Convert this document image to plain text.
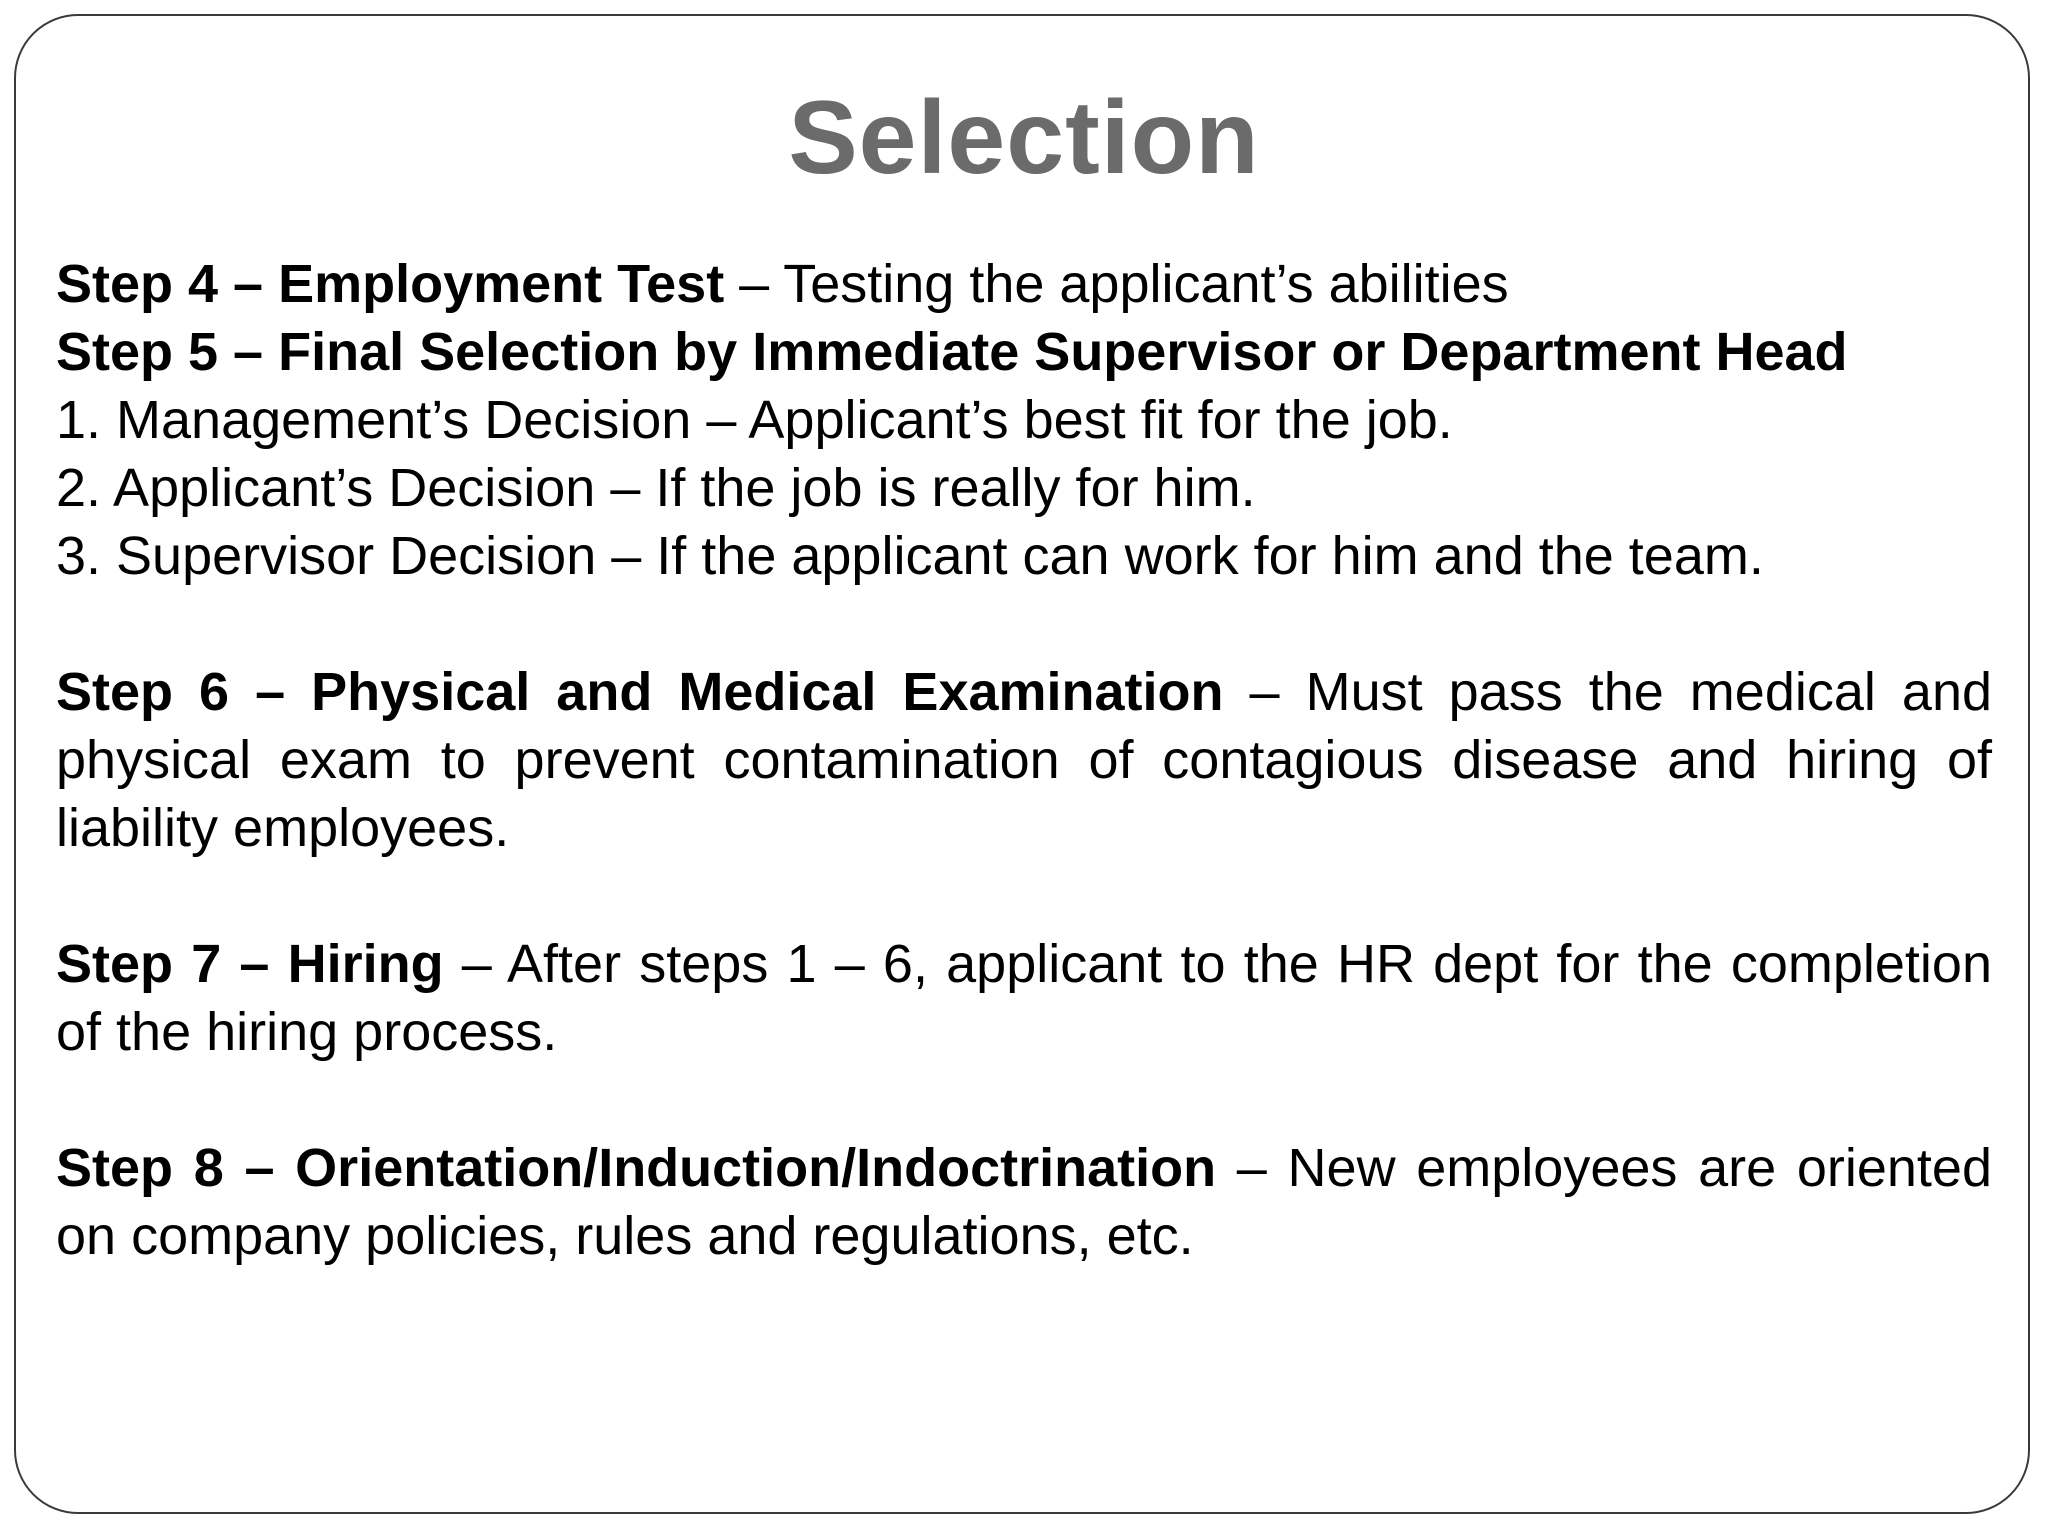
Selection
Step 4 – Employment Test – Testing the applicant’s abilities
Step 5 – Final Selection by Immediate Supervisor or Department Head
1. Management’s Decision – Applicant’s best fit for the job.
2. Applicant’s Decision – If the job is really for him.
3. Supervisor Decision – If the applicant can work for him and the team.
Step 6 – Physical and Medical Examination – Must pass the medical and physical exam to prevent contamination of contagious disease and hiring of liability employees.
Step 7 – Hiring – After steps 1 – 6, applicant to the HR dept for the completion of the hiring process.
Step 8 – Orientation/Induction/Indoctrination – New employees are oriented on company policies, rules and regulations, etc.
